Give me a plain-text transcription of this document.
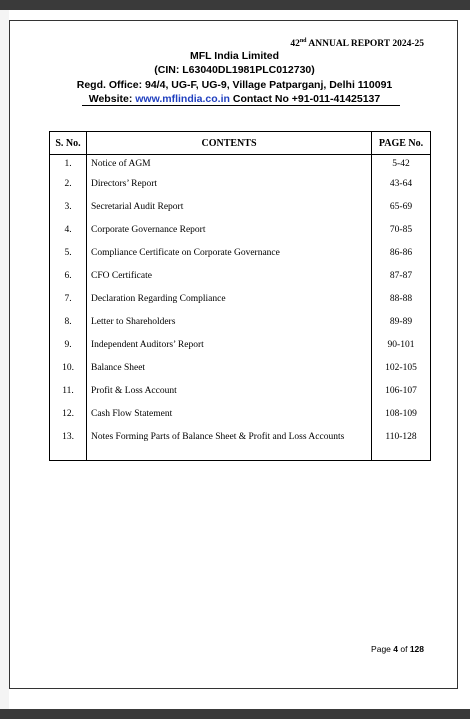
42nd ANNUAL REPORT 2024-25
MFL India Limited
(CIN: L63040DL1981PLC012730)
Regd. Office: 94/4, UG-F, UG-9, Village Patparganj, Delhi 110091
Website: www.mflindia.co.in Contact No +91-011-41425137
S. No.	CONTENTS	PAGE No.
1.	Notice of AGM	5-42
2.	Directors’ Report	43-64
3.	Secretarial Audit Report	65-69
4.	Corporate Governance Report	70-85
5.	Compliance Certificate on Corporate Governance	86-86
6.	CFO Certificate	87-87
7.	Declaration Regarding Compliance	88-88
8.	Letter to Shareholders	89-89
9.	Independent Auditors’ Report	90-101
10.	Balance Sheet	102-105
11.	Profit & Loss Account	106-107
12.	Cash Flow Statement	108-109
13.	Notes Forming Parts of Balance Sheet & Profit and Loss Accounts	110-128

Page 4 of 128
